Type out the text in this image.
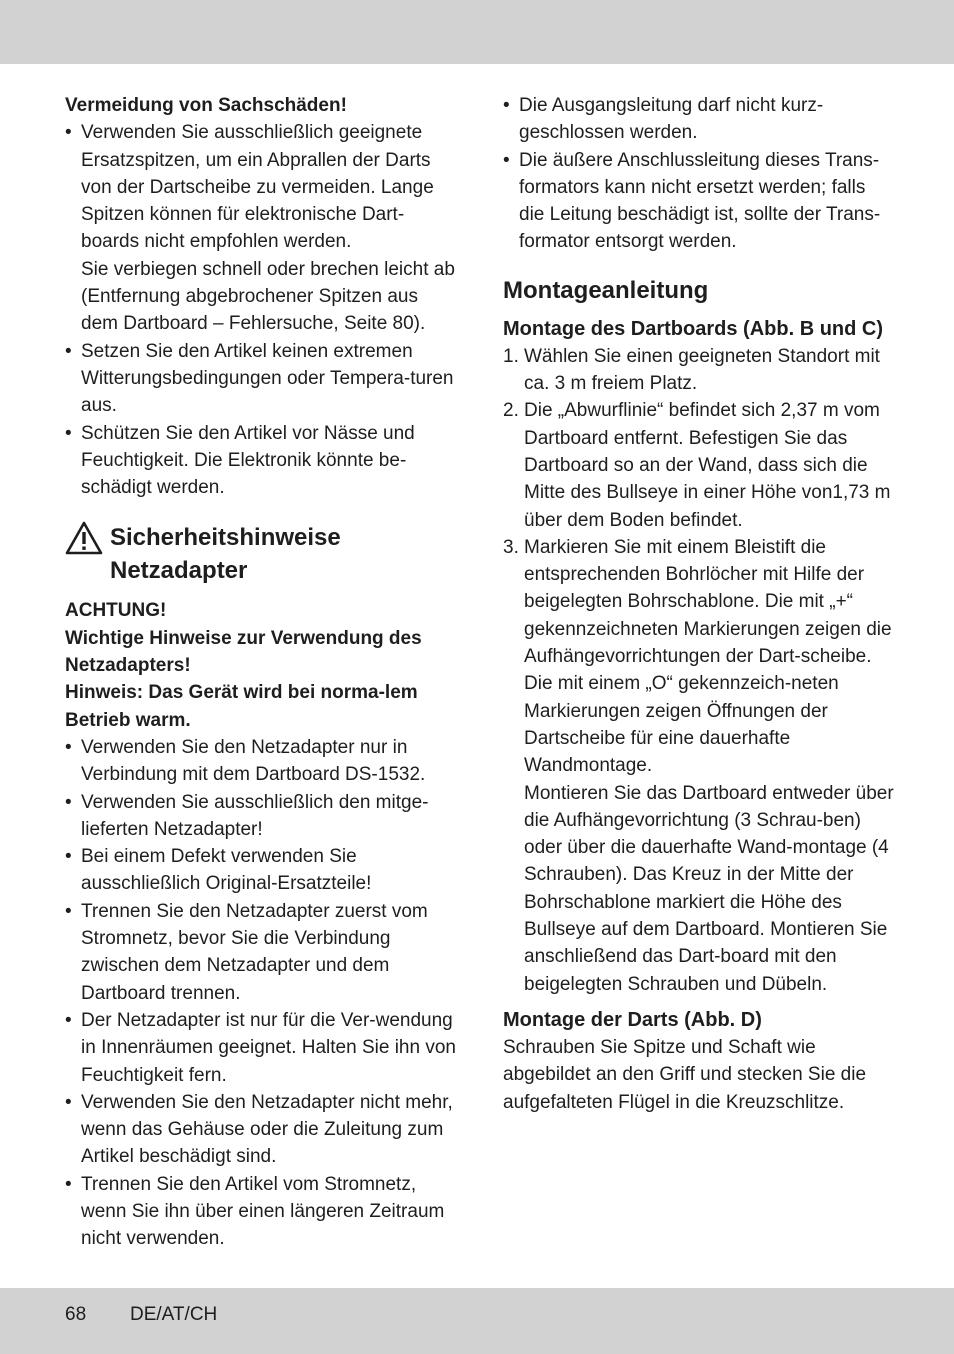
Vermeidung von Sachschäden!

• Verwenden Sie ausschließlich geeignete Ersatzspitzen, um ein Abprallen der Darts von der Dartscheibe zu vermeiden. Lange Spitzen können für elektronische Dart-boards nicht empfohlen werden.
Sie verbiegen schnell oder brechen leicht ab (Entfernung abgebrochener Spitzen aus dem Dartboard – Fehlersuche, Seite 80).
• Setzen Sie den Artikel keinen extremen Witterungsbedingungen oder Tempera-turen aus.
• Schützen Sie den Artikel vor Nässe und Feuchtigkeit. Die Elektronik könnte be-schädigt werden.
Sicherheitshinweise Netzadapter

ACHTUNG!

Wichtige Hinweise zur Verwendung des Netzadapters!

Hinweis: Das Gerät wird bei norma-lem Betrieb warm.

• Verwenden Sie den Netzadapter nur in Verbindung mit dem Dartboard DS-1532.
• Verwenden Sie ausschließlich den mitge-lieferten Netzadapter!
• Bei einem Defekt verwenden Sie ausschließlich Original-Ersatzteile!
• Trennen Sie den Netzadapter zuerst vom Stromnetz, bevor Sie die Verbindung zwischen dem Netzadapter und dem Dartboard trennen.
• Der Netzadapter ist nur für die Ver-wendung in Innenräumen geeignet. Halten Sie ihn von Feuchtigkeit fern.
• Verwenden Sie den Netzadapter nicht mehr, wenn das Gehäuse oder die Zuleitung zum Artikel beschädigt sind.
• Trennen Sie den Artikel vom Stromnetz, wenn Sie ihn über einen längeren Zeitraum nicht verwenden.
• Die Ausgangsleitung darf nicht kurz-geschlossen werden.
• Die äußere Anschlussleitung dieses Trans-formators kann nicht ersetzt werden; falls die Leitung beschädigt ist, sollte der Trans-formator entsorgt werden.

Montageanleitung

Montage des Dartboards (Abb. B und C)

1. Wählen Sie einen geeigneten Standort mit ca. 3 m freiem Platz.
2. Die „Abwurflinie“ befindet sich 2,37 m vom Dartboard entfernt. Befestigen Sie das Dartboard so an der Wand, dass sich die Mitte des Bullseye in einer Höhe von1,73 m über dem Boden befindet.
3. Markieren Sie mit einem Bleistift die entsprechenden Bohrlöcher mit Hilfe der beigelegten Bohrschablone. Die mit „+“ gekennzeichneten Markierungen zeigen die Aufhängevorrichtungen der Dart-scheibe. Die mit einem „O“ gekennzeich-neten Markierungen zeigen Öffnungen der Dartscheibe für eine dauerhafte Wandmontage.
Montieren Sie das Dartboard entweder über die Aufhängevorrichtung (3 Schrau-ben) oder über die dauerhafte Wand-montage (4 Schrauben). Das Kreuz in der Mitte der Bohrschablone markiert die Höhe des Bullseye auf dem Dartboard. Montieren Sie anschließend das Dart-board mit den beigelegten Schrauben und Dübeln.

Montage der Darts (Abb. D)

Schrauben Sie Spitze und Schaft wie abgebildet an den Griff und stecken Sie die aufgefalteten Flügel in die Kreuzschlitze.

68 DE/AT/CH
